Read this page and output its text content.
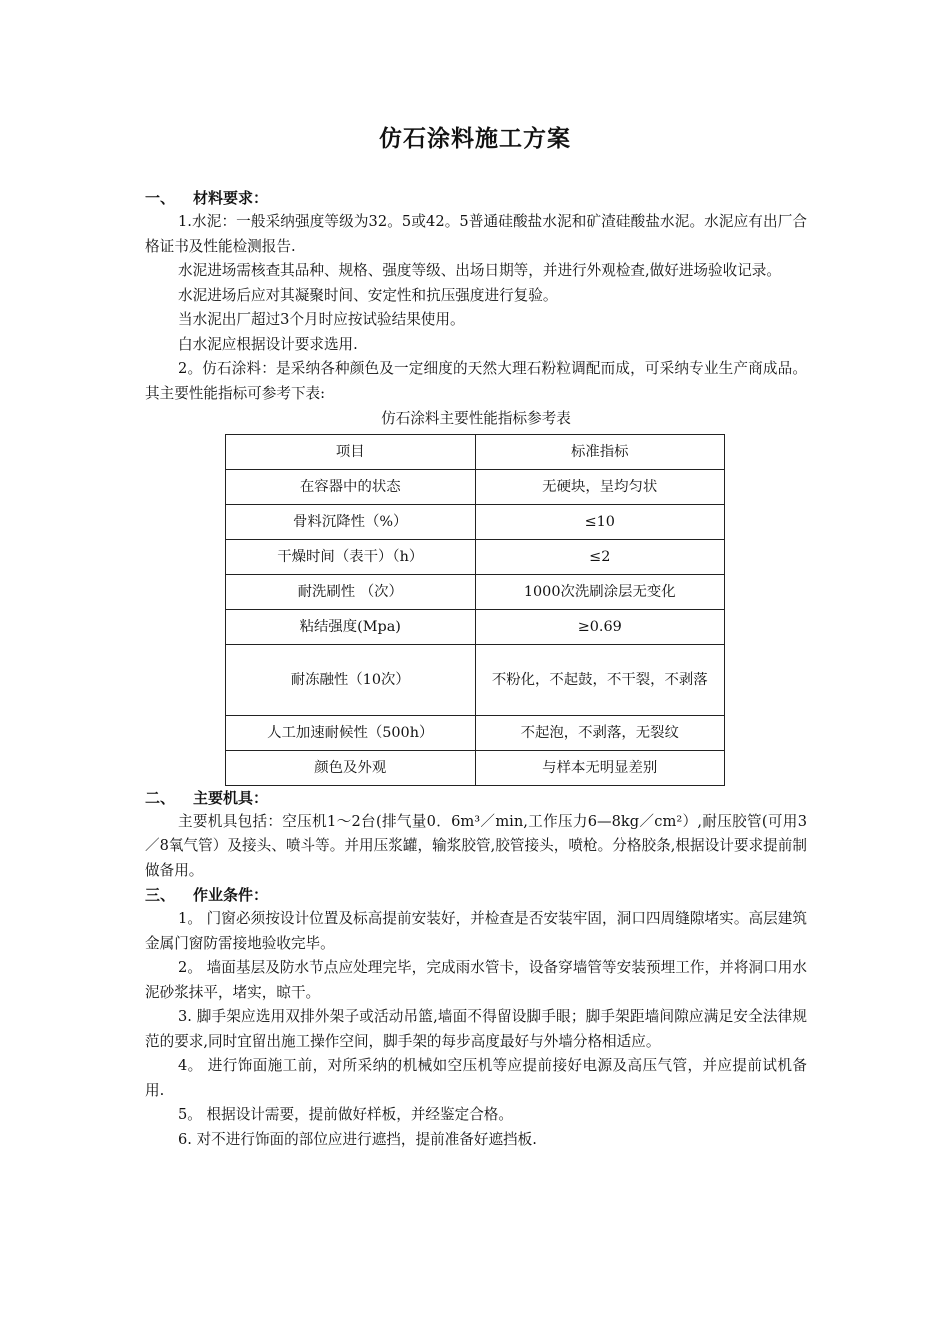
仿石涂料施工方案
一、 材料要求：

1.水泥：一般采纳强度等级为32。5或42。5普通硅酸盐水泥和矿渣硅酸盐水泥。水泥应有出厂合格证书及性能检测报告.

水泥进场需核查其品种、规格、强度等级、出场日期等，并进行外观检查,做好进场验收记录。

水泥进场后应对其凝聚时间、安定性和抗压强度进行复验。

当水泥出厂超过3个月时应按试验结果使用。

白水泥应根据设计要求选用.

2。仿石涂料：是采纳各种颜色及一定细度的天然大理石粉粒调配而成，可采纳专业生产商成品。其主要性能指标可参考下表:

仿石涂料主要性能指标参考表

项目	标准指标
在容器中的状态	无硬块，呈均匀状
骨料沉降性（%）	≤10
干燥时间（表干）（h）	≤2
耐洗刷性 （次）	1000次洗刷涂层无变化
粘结强度(Mpa)	≥0.69
耐冻融性（10次）	不粉化，不起鼓，不干裂，不剥落
人工加速耐候性（500h）	不起泡，不剥落，无裂纹
颜色及外观	与样本无明显差别
二、 主要机具：

主要机具包括：空压机1～2台(排气量0．6m³／min,工作压力6—8kg／cm²）,耐压胶管(可用3／8氧气管）及接头、喷斗等。并用压浆罐，输浆胶管,胶管接头，喷枪。分格胶条,根据设计要求提前制做备用。

三、 作业条件：

1。 门窗必须按设计位置及标高提前安装好，并检查是否安装牢固，洞口四周缝隙堵实。高层建筑金属门窗防雷接地验收完毕。

2。 墙面基层及防水节点应处理完毕，完成雨水管卡，设备穿墙管等安装预埋工作，并将洞口用水泥砂浆抹平，堵实，晾干。

3. 脚手架应选用双排外架子或活动吊篮,墙面不得留设脚手眼；脚手架距墙间隙应满足安全法律规范的要求,同时宜留出施工操作空间，脚手架的每步高度最好与外墙分格相适应。

4。 进行饰面施工前，对所采纳的机械如空压机等应提前接好电源及高压气管，并应提前试机备用.

5。 根据设计需要，提前做好样板，并经鉴定合格。

6. 对不进行饰面的部位应进行遮挡，提前准备好遮挡板.
